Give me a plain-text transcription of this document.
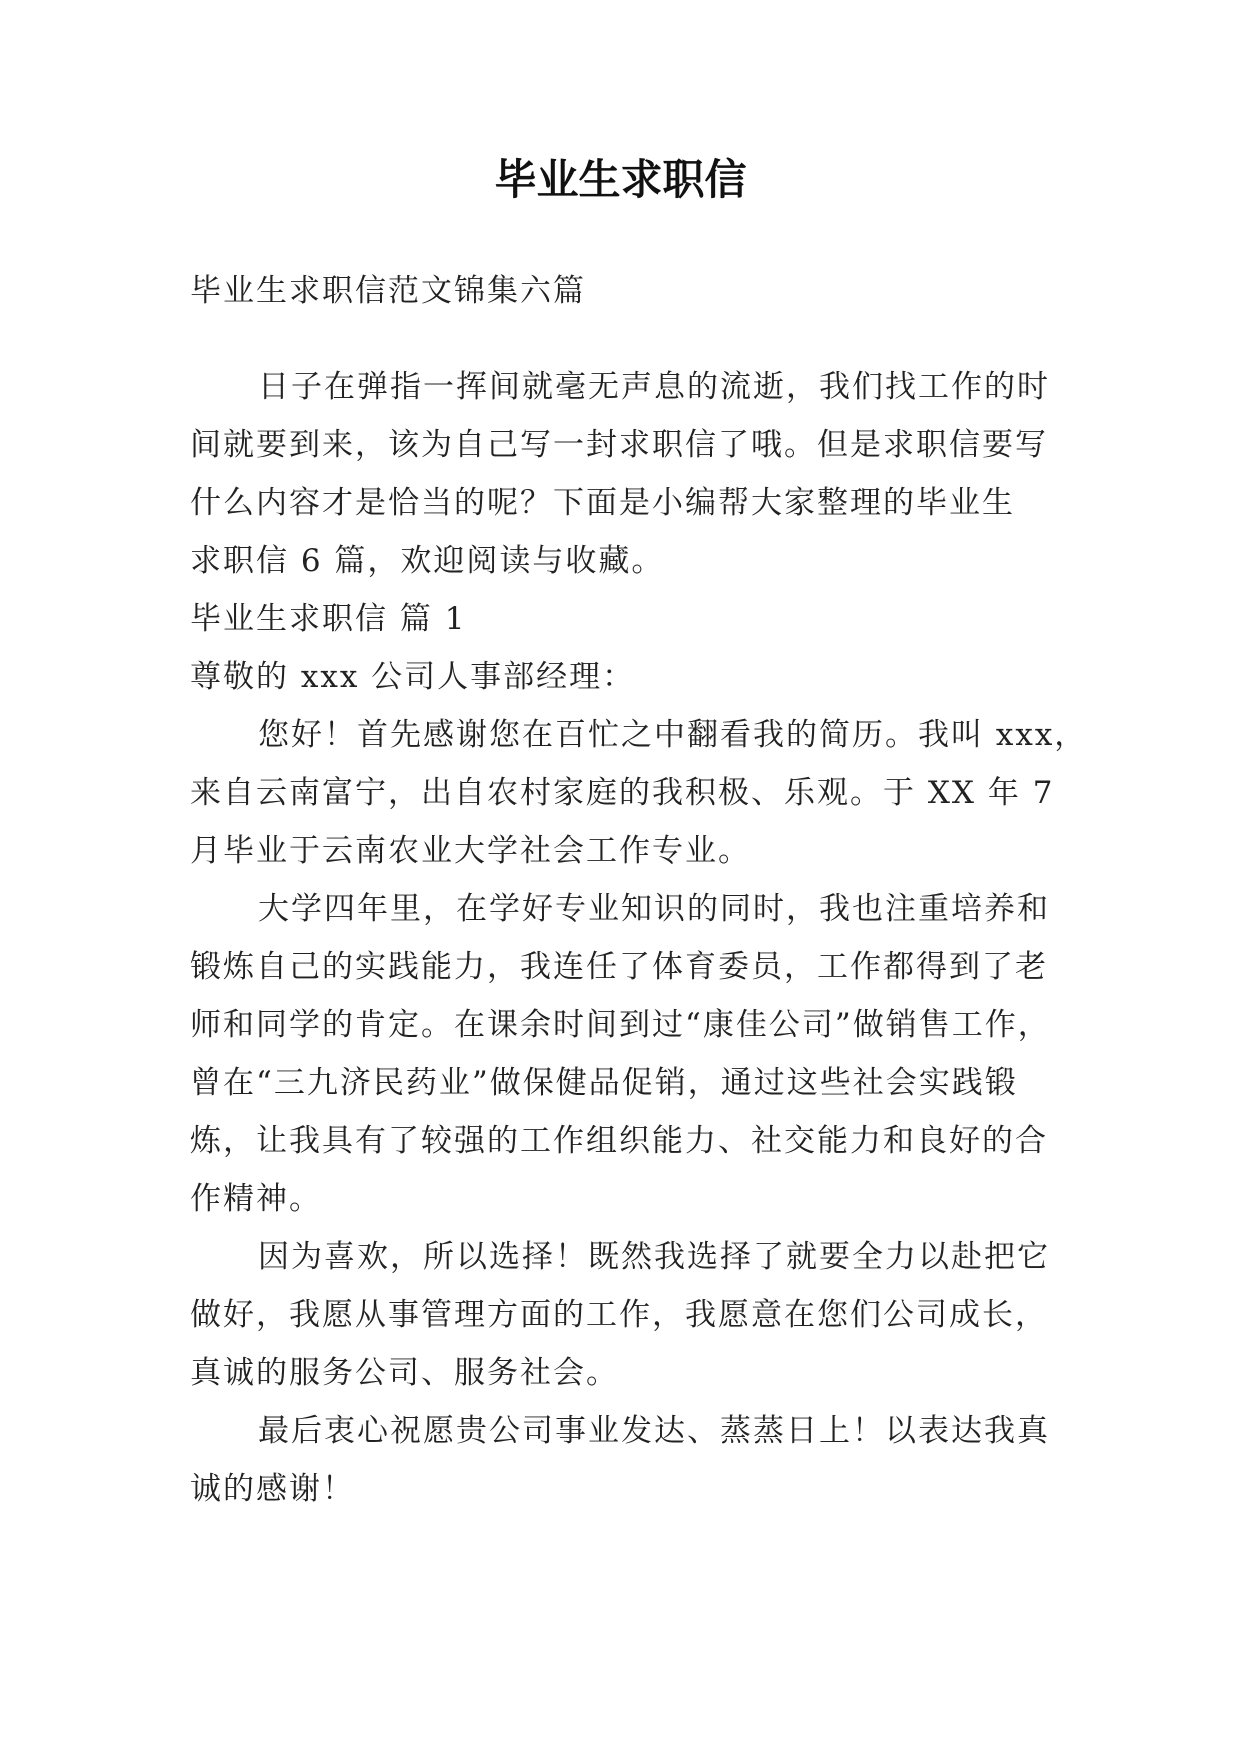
毕业生求职信
毕业生求职信范文锦集六篇
日子在弹指一挥间就毫无声息的流逝，我们找工作的时
间就要到来，该为自己写一封求职信了哦。但是求职信要写
什么内容才是恰当的呢？下面是小编帮大家整理的毕业生
求职信 6 篇，欢迎阅读与收藏。
毕业生求职信 篇 1
尊敬的 xxx 公司人事部经理：
您好！首先感谢您在百忙之中翻看我的简历。我叫 xxx，
来自云南富宁，出自农村家庭的我积极、乐观。于 XX 年 7
月毕业于云南农业大学社会工作专业。
大学四年里，在学好专业知识的同时，我也注重培养和
锻炼自己的实践能力，我连任了体育委员，工作都得到了老
师和同学的肯定。在课余时间到过“康佳公司”做销售工作，
曾在“三九济民药业”做保健品促销，通过这些社会实践锻
炼，让我具有了较强的工作组织能力、社交能力和良好的合
作精神。
因为喜欢，所以选择！既然我选择了就要全力以赴把它
做好，我愿从事管理方面的工作，我愿意在您们公司成长，
真诚的服务公司、服务社会。
最后衷心祝愿贵公司事业发达、蒸蒸日上！以表达我真
诚的感谢！
